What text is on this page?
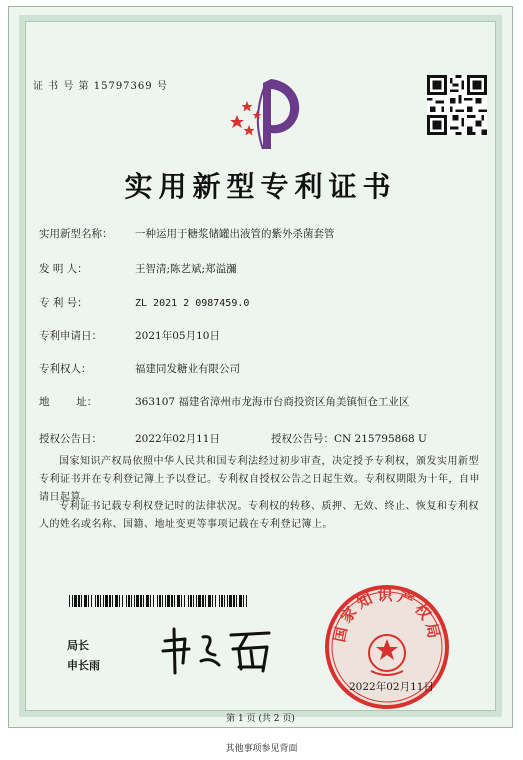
证 书 号 第 15797369 号
实用新型专利证书
实用新型名称： 一种运用于糖浆储罐出液管的紫外杀菌套管
发 明 人：	王智清;陈艺斌;郑溢瀰
专 利 号：	ZL 2021 2 0987459.0
专利申请日：	2021年05月10日
专利权人：	福建同发糖业有限公司
地        址：	363107 福建省漳州市龙海市台商投资区角美镇恒仓工业区
授权公告日：	2022年02月11日	授权公告号：CN 215795868 U
国家知识产权局依照中华人民共和国专利法经过初步审查，决定授予专利权，颁发实用新型专利证书并在专利登记簿上予以登记。专利权自授权公告之日起生效。专利权期限为十年，自申请日起算。
专利证书记载专利权登记时的法律状况。专利权的转移、质押、无效、终止、恢复和专利权人的姓名或名称、国籍、地址变更等事项记载在专利登记簿上。
局长
申长雨
国家知识产权局
2022年02月11日
第 1 页 (共 2 页)
其他事项参见背面
